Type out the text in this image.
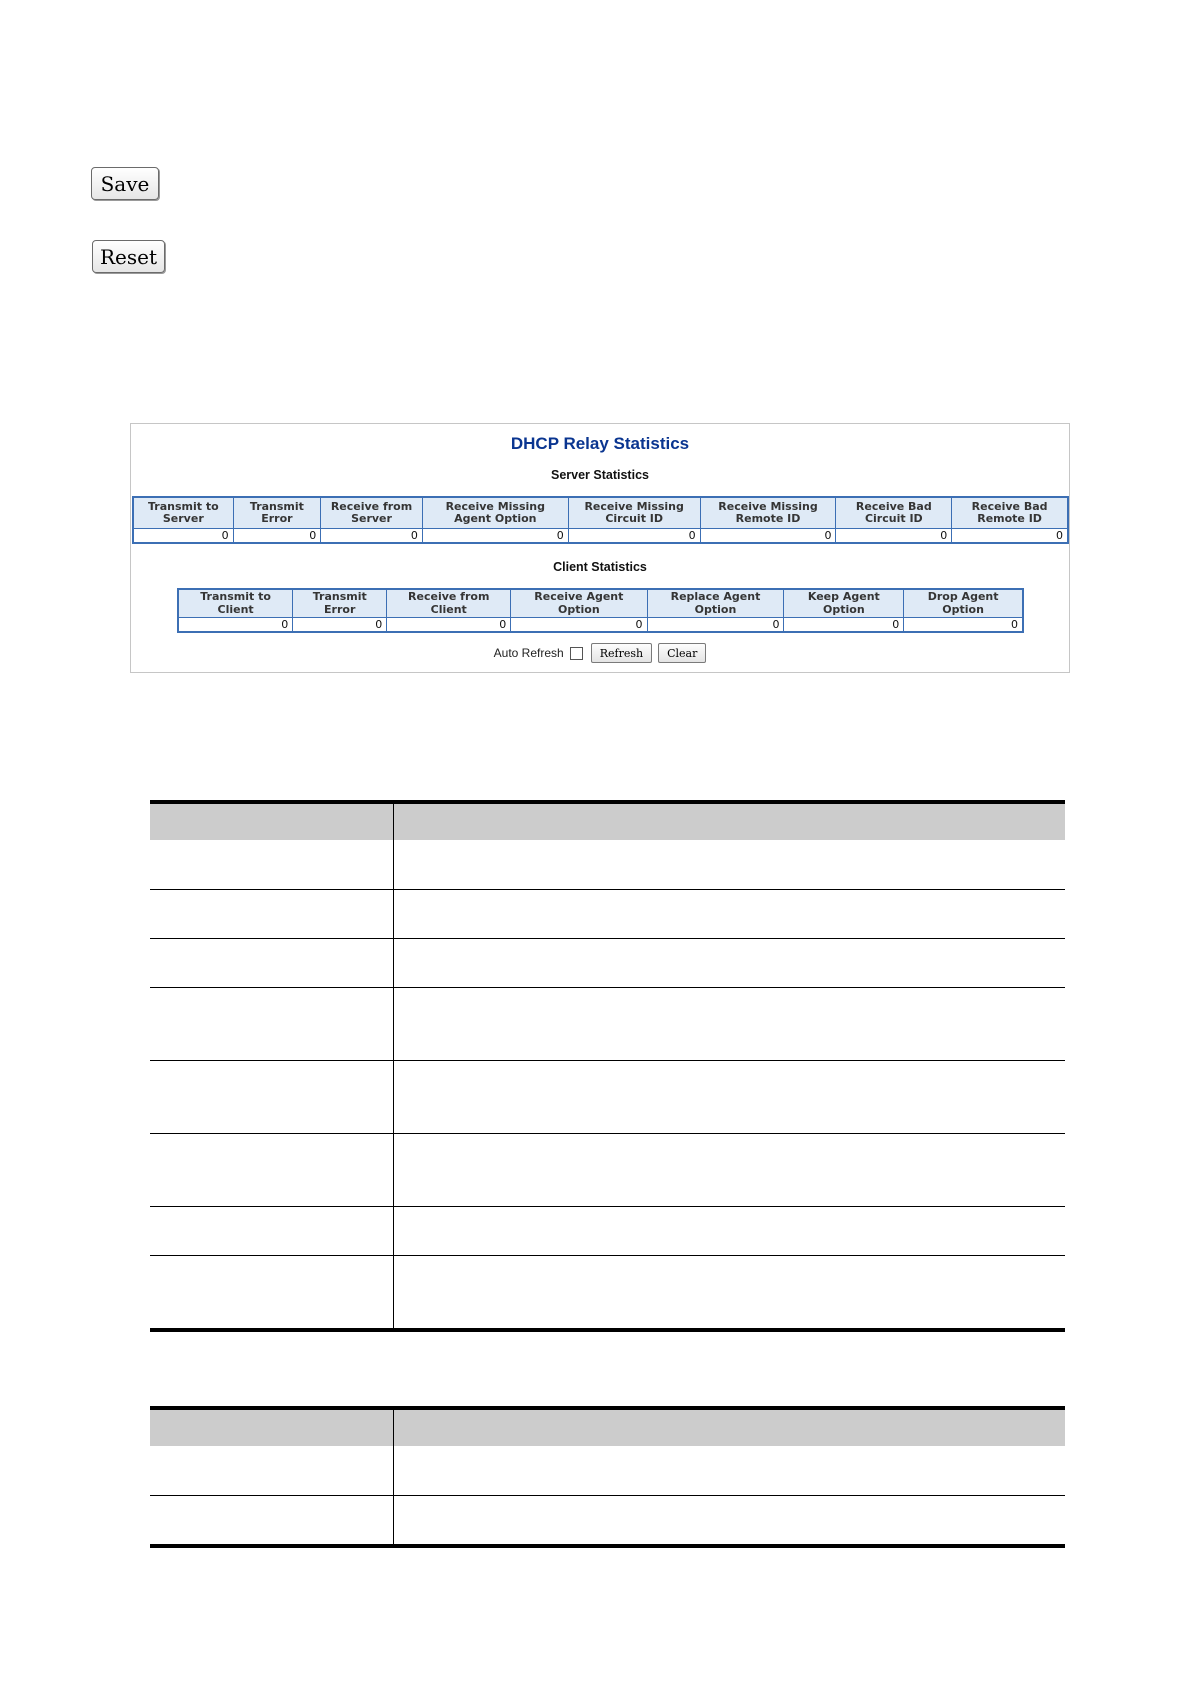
Save
Reset
DHCP Relay Statistics
Server Statistics
Transmit to Server	Transmit Error	Receive from Server	Receive Missing Agent Option	Receive Missing Circuit ID	Receive Missing Remote ID	Receive Bad Circuit ID	Receive Bad Remote ID
0	0	0	0	0	0	0	0
Client Statistics
Transmit to Client	Transmit Error	Receive from Client	Receive Agent Option	Replace Agent Option	Keep Agent Option	Drop Agent Option
0	0	0	0	0	0	0
Auto Refresh	Refresh	Clear
